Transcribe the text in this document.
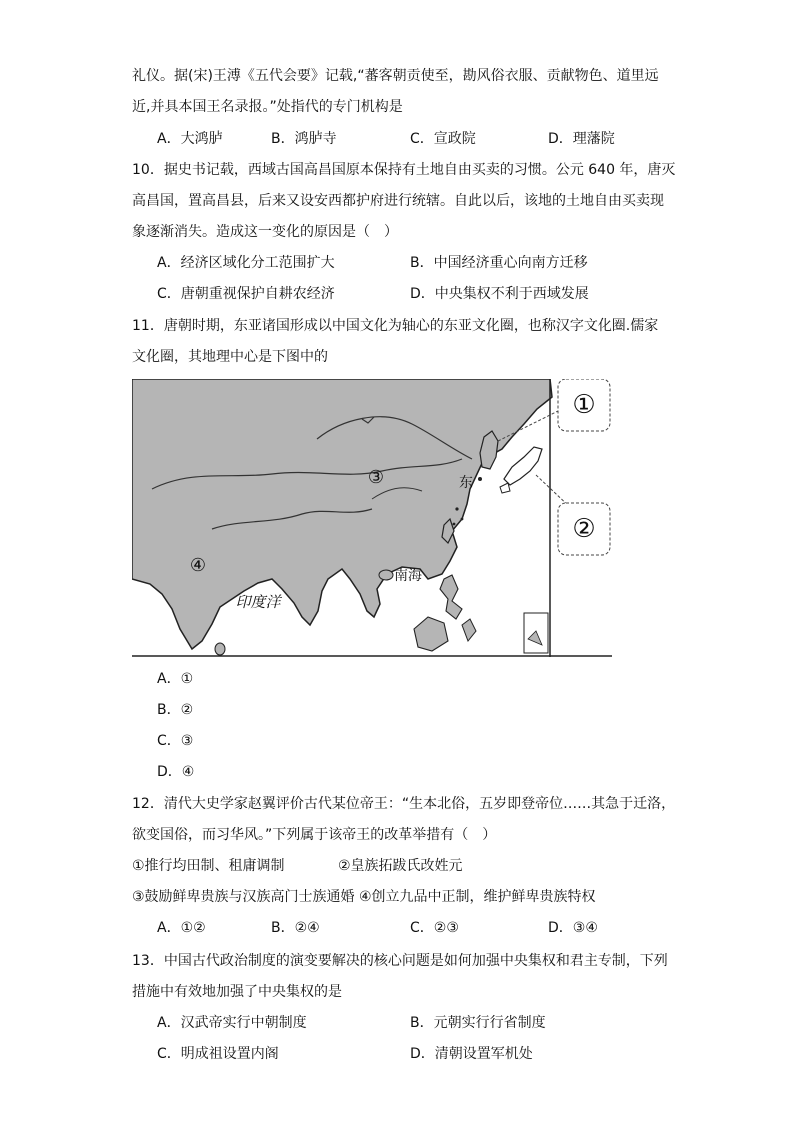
礼仪。据(宋)王溥《五代会要》记载,“蕃客朝贡使至，勘风俗衣服、贡献物色、道里远
近,并具本国王名录报。”处指代的专门机构是
A．大鸿胪	B．鸿胪寺	C．宣政院	D．理藩院
10．据史书记载，西域古国高昌国原本保持有土地自由买卖的习惯。公元 640 年，唐灭
高昌国，置高昌县，后来又设安西都护府进行统辖。自此以后，该地的土地自由买卖现
象逐渐消失。造成这一变化的原因是（　）
A．经济区域化分工范围扩大	B．中国经济重心向南方迁移
C．唐朝重视保护自耕农经济	D．中央集权不利于西域发展
11．唐朝时期，东亚诸国形成以中国文化为轴心的东亚文化圈，也称汉字文化圈.儒家
文化圈，其地理中心是下图中的
①
②
③
④
东
南海
印度洋
A．①
B．②
C．③
D．④
12．清代大史学家赵翼评价古代某位帝王：“生本北俗，五岁即登帝位……其急于迁洛，
欲变国俗，而习华风。”下列属于该帝王的改革举措有（　）
①推行均田制、租庸调制	②皇族拓跋氏改姓元
③鼓励鲜卑贵族与汉族高门士族通婚 ④创立九品中正制，维护鲜卑贵族特权
A．①②	B．②④	C．②③	D．③④
13．中国古代政治制度的演变要解决的核心问题是如何加强中央集权和君主专制，下列
措施中有效地加强了中央集权的是
A．汉武帝实行中朝制度	B．元朝实行行省制度
C．明成祖设置内阁	D．清朝设置军机处
